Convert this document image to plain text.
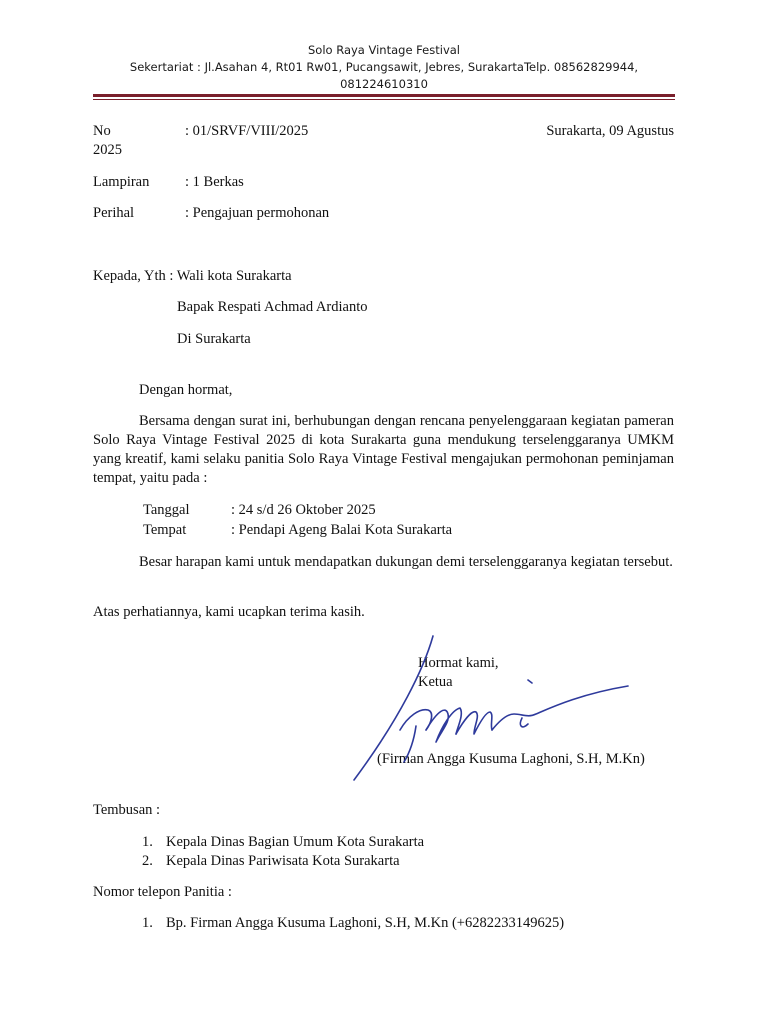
Solo Raya Vintage Festival
Sekertariat : Jl.Asahan 4, Rt01 Rw01, Pucangsawit, Jebres, SurakartaTelp. 08562829944,
081224610310
No	: 01/SRVF/VIII/2025	Surakarta, 09 Agustus
2025
Lampiran : 1 Berkas
Perihal	: Pengajuan permohonan
Kepada, Yth : Wali kota Surakarta
Bapak Respati Achmad Ardianto
Di Surakarta
Dengan hormat,
Bersama dengan surat ini, berhubungan dengan rencana penyelenggaraan kegiatan pameran Solo Raya Vintage Festival 2025 di kota Surakarta guna mendukung terselenggaranya UMKM yang kreatif, kami selaku panitia Solo Raya Vintage Festival mengajukan permohonan peminjaman tempat, yaitu pada :
Tanggal	: 24 s/d 26 Oktober 2025
Tempat	: Pendapi Ageng Balai Kota Surakarta
Besar harapan kami untuk mendapatkan dukungan demi terselenggaranya kegiatan tersebut.
Atas perhatiannya, kami ucapkan terima kasih.
Hormat kami,
Ketua
(Firman Angga Kusuma Laghoni, S.H, M.Kn)
Tembusan :
1. Kepala Dinas Bagian Umum Kota Surakarta
2. Kepala Dinas Pariwisata Kota Surakarta
Nomor telepon Panitia :
1. Bp. Firman Angga Kusuma Laghoni, S.H, M.Kn (+6282233149625)
